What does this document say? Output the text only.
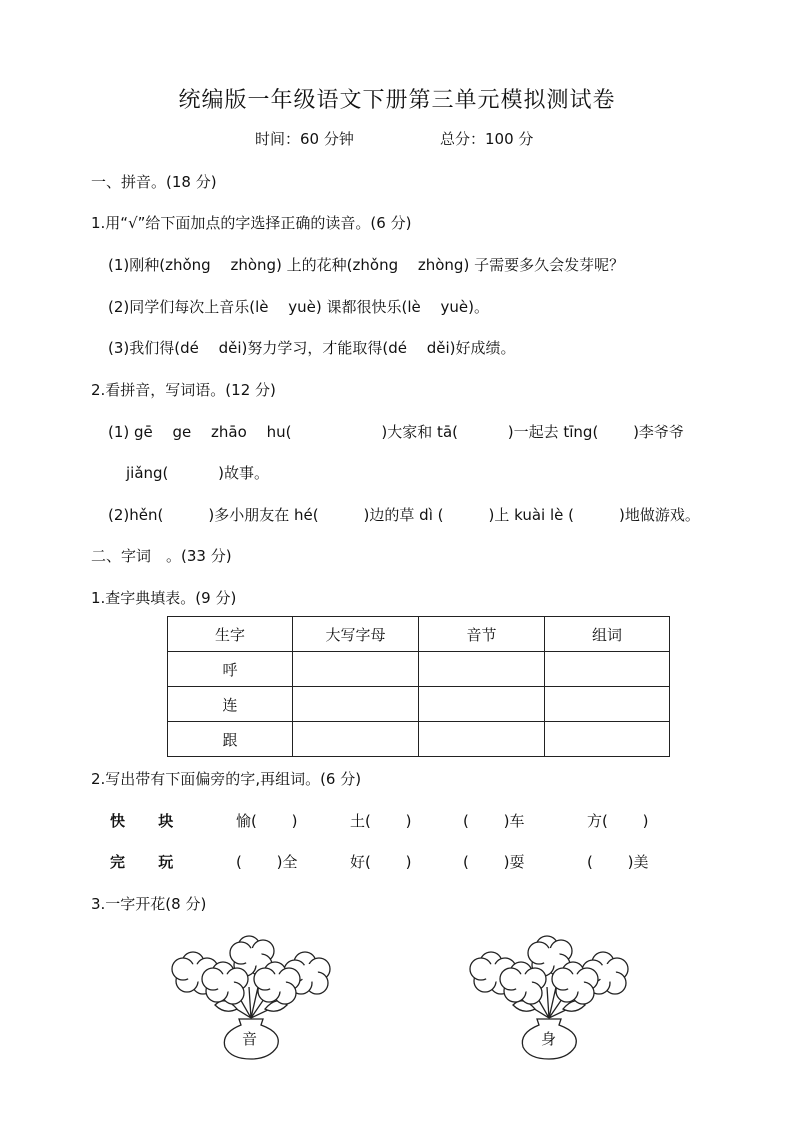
统编版一年级语文下册第三单元模拟测试卷
时间：60 分钟	总分：100 分
一、拼音。(18 分)
1.用“√”给下面加点的字选择正确的读音。(6 分)
(1)刚种(zhǒng　 zhòng) 上的花种(zhǒng　 zhòng) 子需要多久会发芽呢？
(2)同学们每次上音乐(lè　 yuè) 课都很快乐(lè　 yuè)。
(3)我们得(dé　 děi)努力学习，才能取得(dé　 děi)好成绩。
2.看拼音，写词语。(12 分)
(1) gē　 ge　 zhāo　 hu(　　　　　　)大家和 tā(　　　 )一起去 tīng(　　 )李爷爷
jiǎng(　　　 )故事。
(2)hěn(　　　)多小朋友在 hé(　　　)边的草 dì (　　　)上 kuài lè (　　　)地做游戏。
二、字词　。(33 分)
1.查字典填表。(9 分)
生字	大写字母	音节	组词
呼			
连			
跟			
2.写出带有下面偏旁的字,再组词。(6 分)
快 块	愉(　　 )	土(　　 )	(　　 )车	方(　　 )
完 玩	(　　 )全	好(　　 )	(　　 )耍	(　　 )美
3.一字开花(8 分)
音	身
